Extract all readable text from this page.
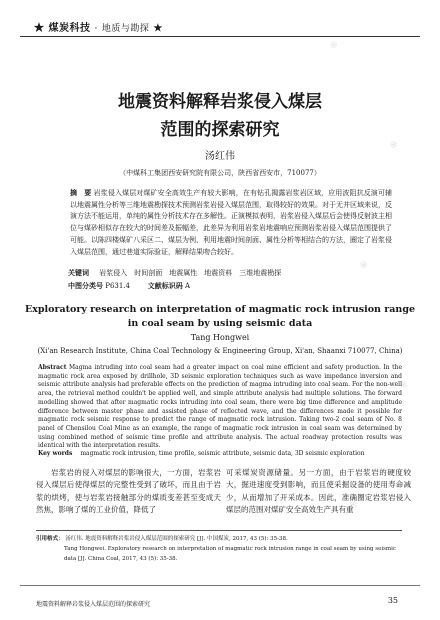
※
※
※
※
※
★ 煤炭科技 · 地质与勘探 ★
地震资料解释岩浆侵入煤层
范围的探索研究
汤红伟
（中煤科工集团西安研究院有限公司，陕西省西安市，710077）
摘　要 岩浆侵入煤层对煤矿安全高效生产有较大影响，在有钻孔揭露岩浆岩区域，应用波阻抗反演可辅以地震属性分析等三维地震勘探技术预测岩浆岩侵入煤层范围，取得较好的效果。对于无井区域来说，反演方法不能运用，单纯的属性分析技术存在多解性。正演模拟表明，岩浆岩侵入煤层后会使得反射波主相位与煤砂相似存在较大的时间差及振幅差，此差异为利用岩浆岩地震响应预测岩浆岩侵入煤层范围提供了可能。以陈四楼煤矿八采区二、煤层为例，利用地震时间剖面、属性分析等相结合的方法，圈定了岩浆侵入煤层范围，通过巷道实际验证，解释结果吻合较好。
关键词 岩浆侵入　时间剖面　地震属性　地震资料　三维地震勘探
中图分类号 P631.4	文献标识码 A
Exploratory research on interpretation of magmatic rock intrusion range in coal seam by using seismic data
Tang Hongwei
(Xi'an Research Institute, China Coal Technology & Engineering Group, Xi'an, Shaanxi 710077, China)
Abstract Magma intruding into coal seam had a greater impact on coal mine efficient and safety production. In the magmatic rock area exposed by drillhole, 3D seismic exploration techniques such as wave impedance inversion and seismic attribute analysis had preferable effects on the prediction of magma intruding into coal seam. For the non-well area, the retrieval method couldn't be applied well, and simple attribute analysis had multiple solutions. The forward modelling showed that after magmatic rocks intruding into coal seam, there were big time difference and amplitude difference between master phase and assisted phase of reflected wave, and the differences made it possible for magmatic rock seismic response to predict the range of magmatic rock intrusion. Taking two-2 coal seam of No. 8 panel of Chensilou Coal Mine as an example, the range of magmatic rock intrusion in coal seam was determined by using combined method of seismic time profile and attribute analysis. The actual roadway protection results was identical with the interpretation results.
Key words magmatic rock intrusion, time profile, seismic attribute, seismic data, 3D seismic exploration
岩浆岩的侵入对煤层的影响很大，一方面，岩浆岩侵入煤层后使得煤层的完整性受到了破坏，而且由于岩浆的烘烤，使与岩浆岩接触部分的煤质变差甚至变成天然焦，影响了煤的工业价值，降低了
可采煤炭资源储量。另一方面，由于岩浆岩的硬度较大，掘进速度受到影响，而且使采掘设备的使用寿命减少，从而增加了开采成本。因此，准确圈定岩浆岩侵入煤层的范围对煤矿安全高效生产具有重
引用格式： 汤红伟. 地震资料解释岩浆岩侵入煤层范围的探索研究 [J]. 中国煤炭, 2017, 43 (5): 35-38.
Tang Hongwei. Exploratory research on interpretation of magmatic rock intrusion range in coal seam by using seismic data [J]. China Coal, 2017, 43 (5): 35-38.
地震资料解释岩浆侵入煤层范围的探索研究	35
